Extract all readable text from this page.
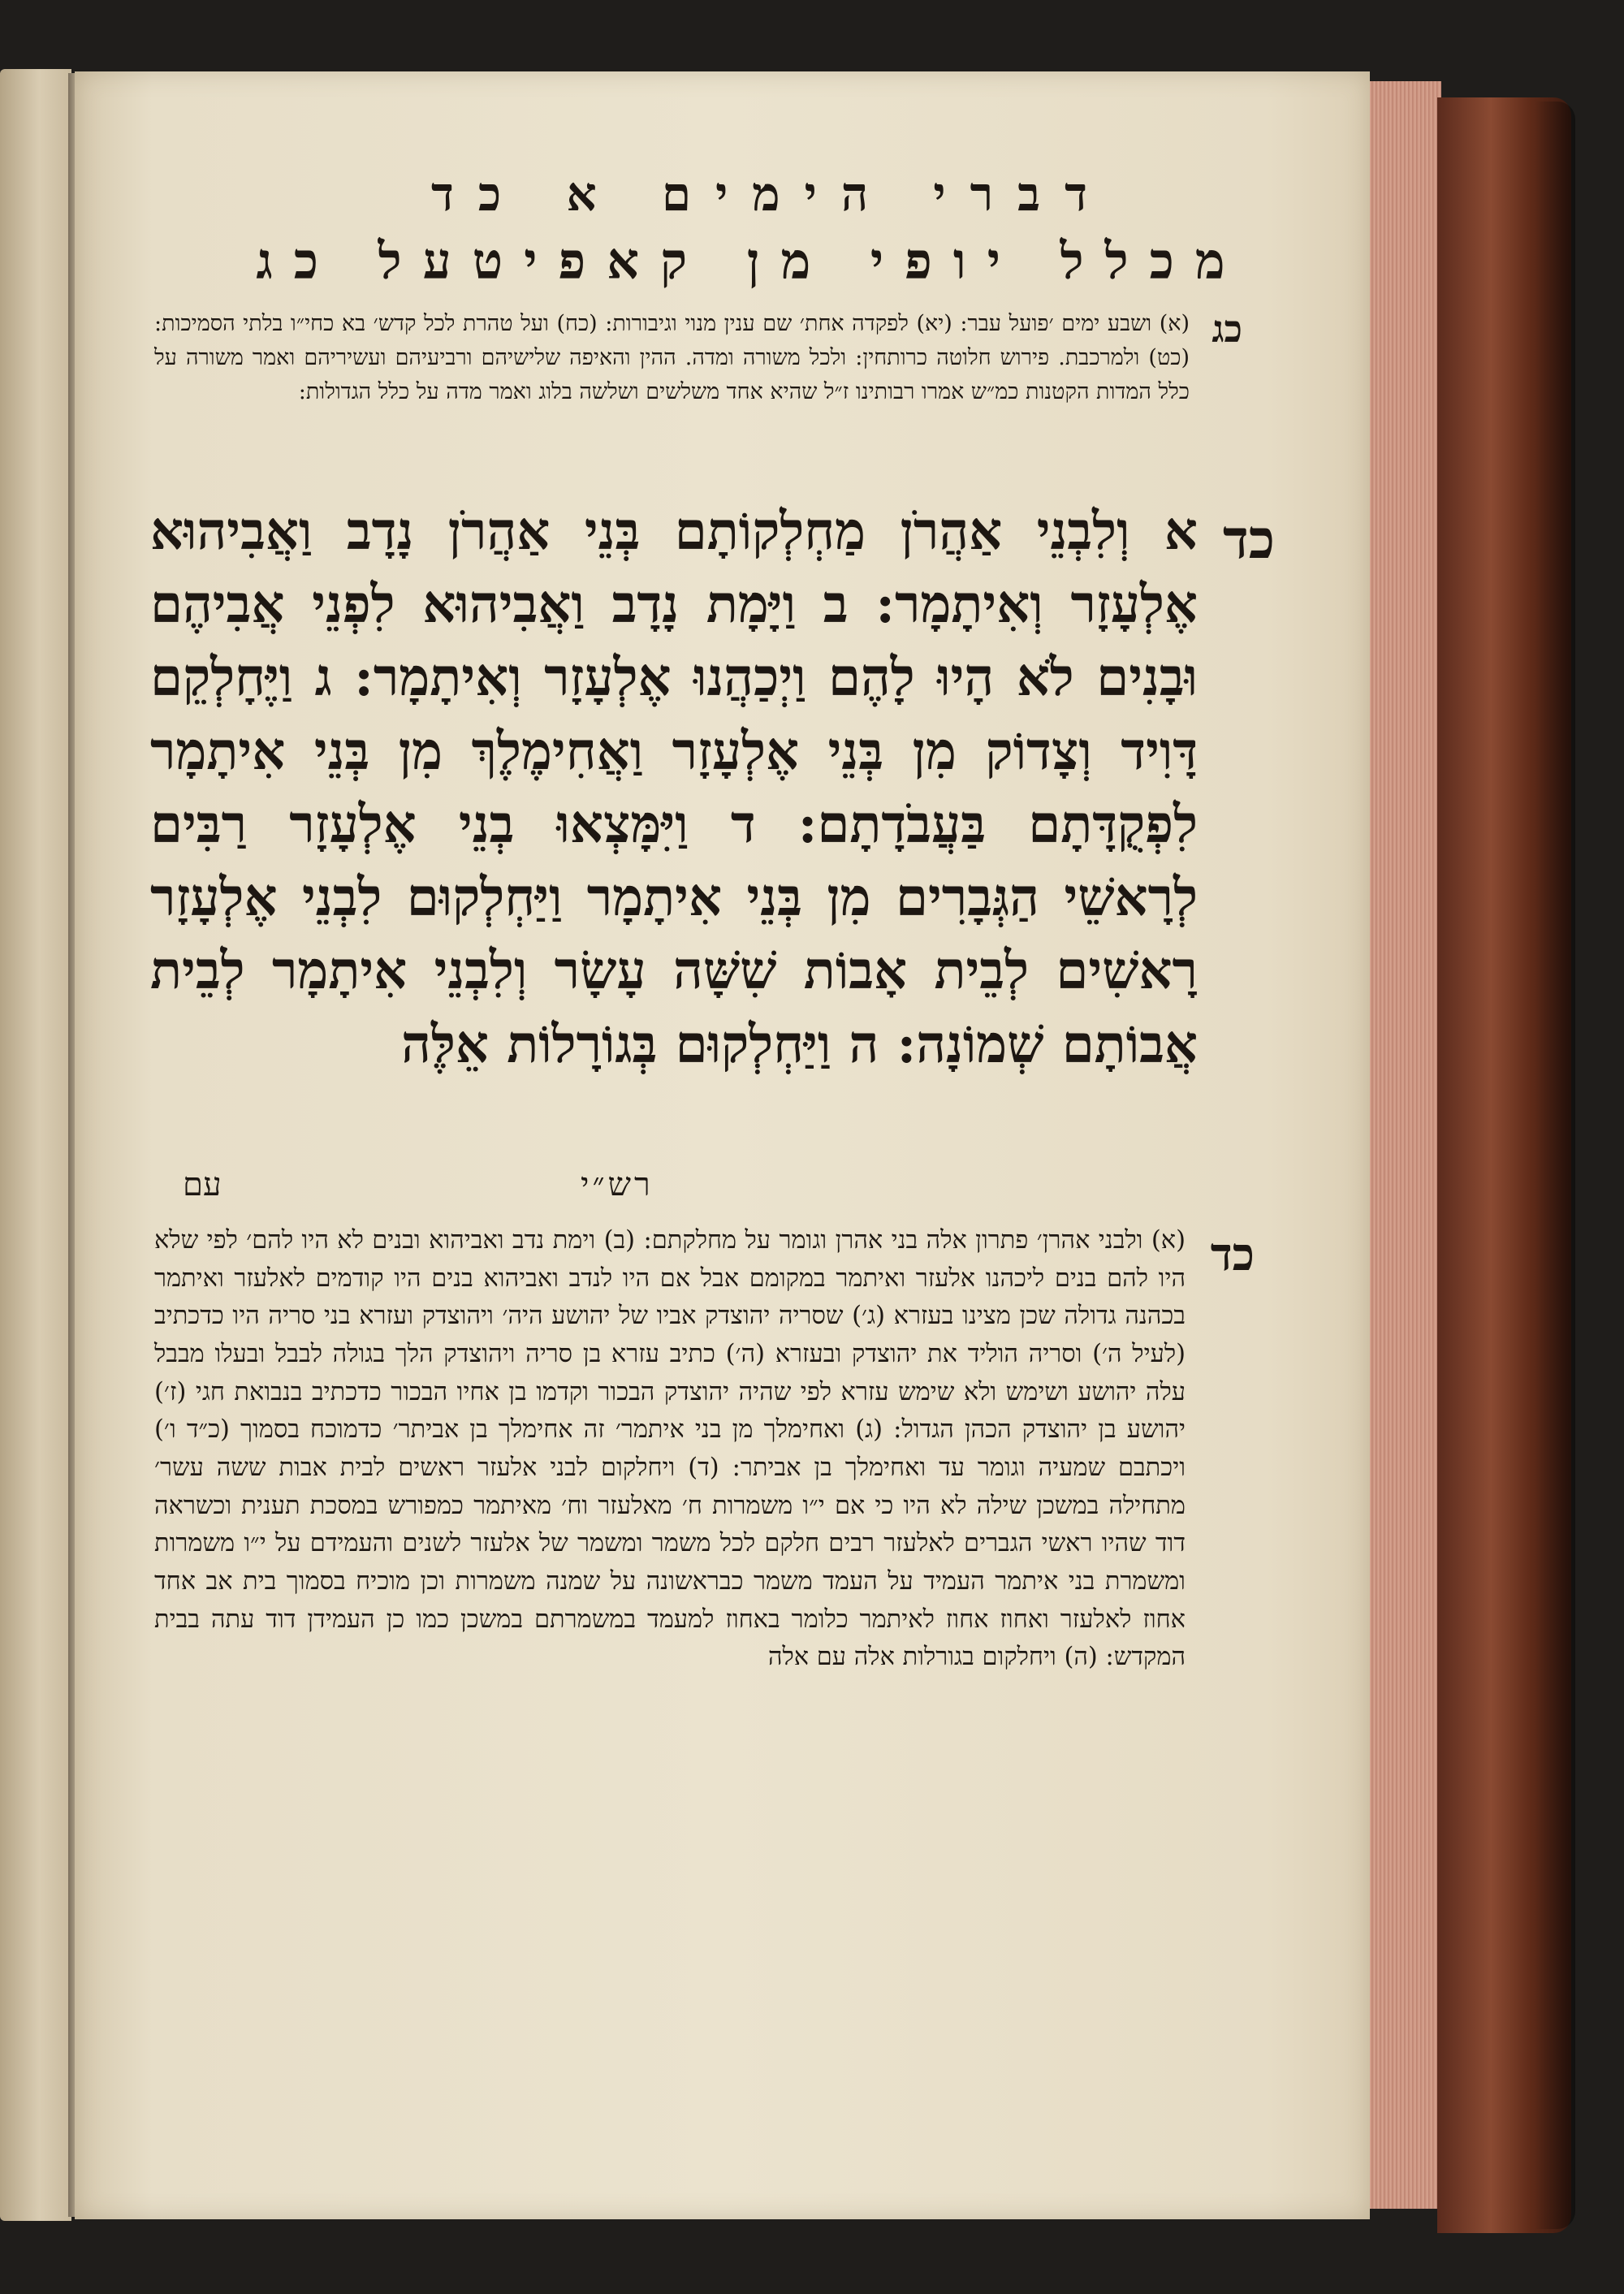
דברי הימים א כד

מכלל יופי מן קאפיטעל כג

כג

(א) ושבע ימים ׳פועל עבר: (יא) לפקדה אחת׳ שם ענין מנוי וגיבורות: (כח) ועל טהרת לכל קדש׳ בא כחי״ו בלתי הסמיכות: (כט) ולמרכבת. פירוש חלוטה כרותחין: ולכל משורה ומדה. ההין והאיפה שלישיהם ורביעיהם ועשיריהם ואמר משורה על כלל המדות הקטנות כמ״ש אמרו רבותינו ז״ל שהיא אחד משלשים ושלשה בלוג ואמר מדה על כלל הגדולות:

כד

א וְלִבְנֵי אַהֲרֹן מַחְלְקוֹתָם בְּנֵי אַהֲרֹן נָדָב וַאֲבִיהוּא אֶלְעָזָר וְאִיתָמָר: ב וַיָּמָת נָדָב וַאֲבִיהוּא לִפְנֵי אֲבִיהֶם וּבָנִים לֹא הָיוּ לָהֶם וַיְכַהֲנוּ אֶלְעָזָר וְאִיתָמָר: ג וַיֶּחָלְקֵם דָּוִיד וְצָדוֹק מִן בְּנֵי אֶלְעָזָר וַאֲחִימֶלֶךְ מִן בְּנֵי אִיתָמָר לִפְקֻדָּתָם בַּעֲבֹדָתָם: ד וַיִּמָּצְאוּ בְנֵי אֶלְעָזָר רַבִּים לְרָאשֵׁי הַגְּבָרִים מִן בְּנֵי אִיתָמָר וַיַּחְלְקוּם לִבְנֵי אֶלְעָזָר רָאשִׁים לְבֵית אָבוֹת שִׁשָּׁה עָשָׂר וְלִבְנֵי אִיתָמָר לְבֵית אֲבוֹתָם שְׁמוֹנָה: ה וַיַּחְלְקוּם בְּגוֹרָלוֹת אֵלֶּה

רש״י
עם

כד

(א) ולבני אהרן׳ פתרון אלה בני אהרן וגומר על מחלקתם: (ב) וימת נדב ואביהוא ובנים לא היו להם׳ לפי שלא היו להם בנים ליכהנו אלעזר ואיתמר במקומם אבל אם היו לנדב ואביהוא בנים היו קודמים לאלעזר ואיתמר בכהנה גדולה שכן מצינו בעזרא (ג׳) שסריה יהוצדק אביו של יהושע היה׳ ויהוצדק ועזרא בני סריה היו כדכתיב (לעיל ה׳) וסריה הוליד את יהוצדק ובעזרא (ה׳) כתיב עזרא בן סריה ויהוצדק הלך בגולה לבבל ובעלו מבבל עלה יהושע ושימש ולא שימש עזרא לפי שהיה יהוצדק הבכור וקדמו בן אחיו הבכור כדכתיב בנבואת חגי (ז׳) יהושע בן יהוצדק הכהן הגדול: (ג) ואחימלך מן בני איתמר׳ זה אחימלך בן אביתר׳ כדמוכח בסמוך (כ״ד ו׳) ויכתבם שמעיה וגומר עד ואחימלך בן אביתר: (ד) ויחלקום לבני אלעזר ראשים לבית אבות ששה עשר׳ מתחילה במשכן שילה לא היו כי אם י״ו משמרות ח׳ מאלעזר וח׳ מאיתמר כמפורש במסכת תענית וכשראה דוד שהיו ראשי הגברים לאלעזר רבים חלקם לכל משמר ומשמר של אלעזר לשנים והעמידם על י״ו משמרות ומשמרת בני איתמר העמיד על העמד משמר כבראשונה על שמנה משמרות וכן מוכיח בסמוך בית אב אחד אחוז לאלעזר ואחוז אחוז לאיתמר כלומר באחוז למעמד במשמרתם במשכן כמו כן העמידן דוד עתה בבית המקדש: (ה) ויחלקום בגורלות אלה עם אלה
